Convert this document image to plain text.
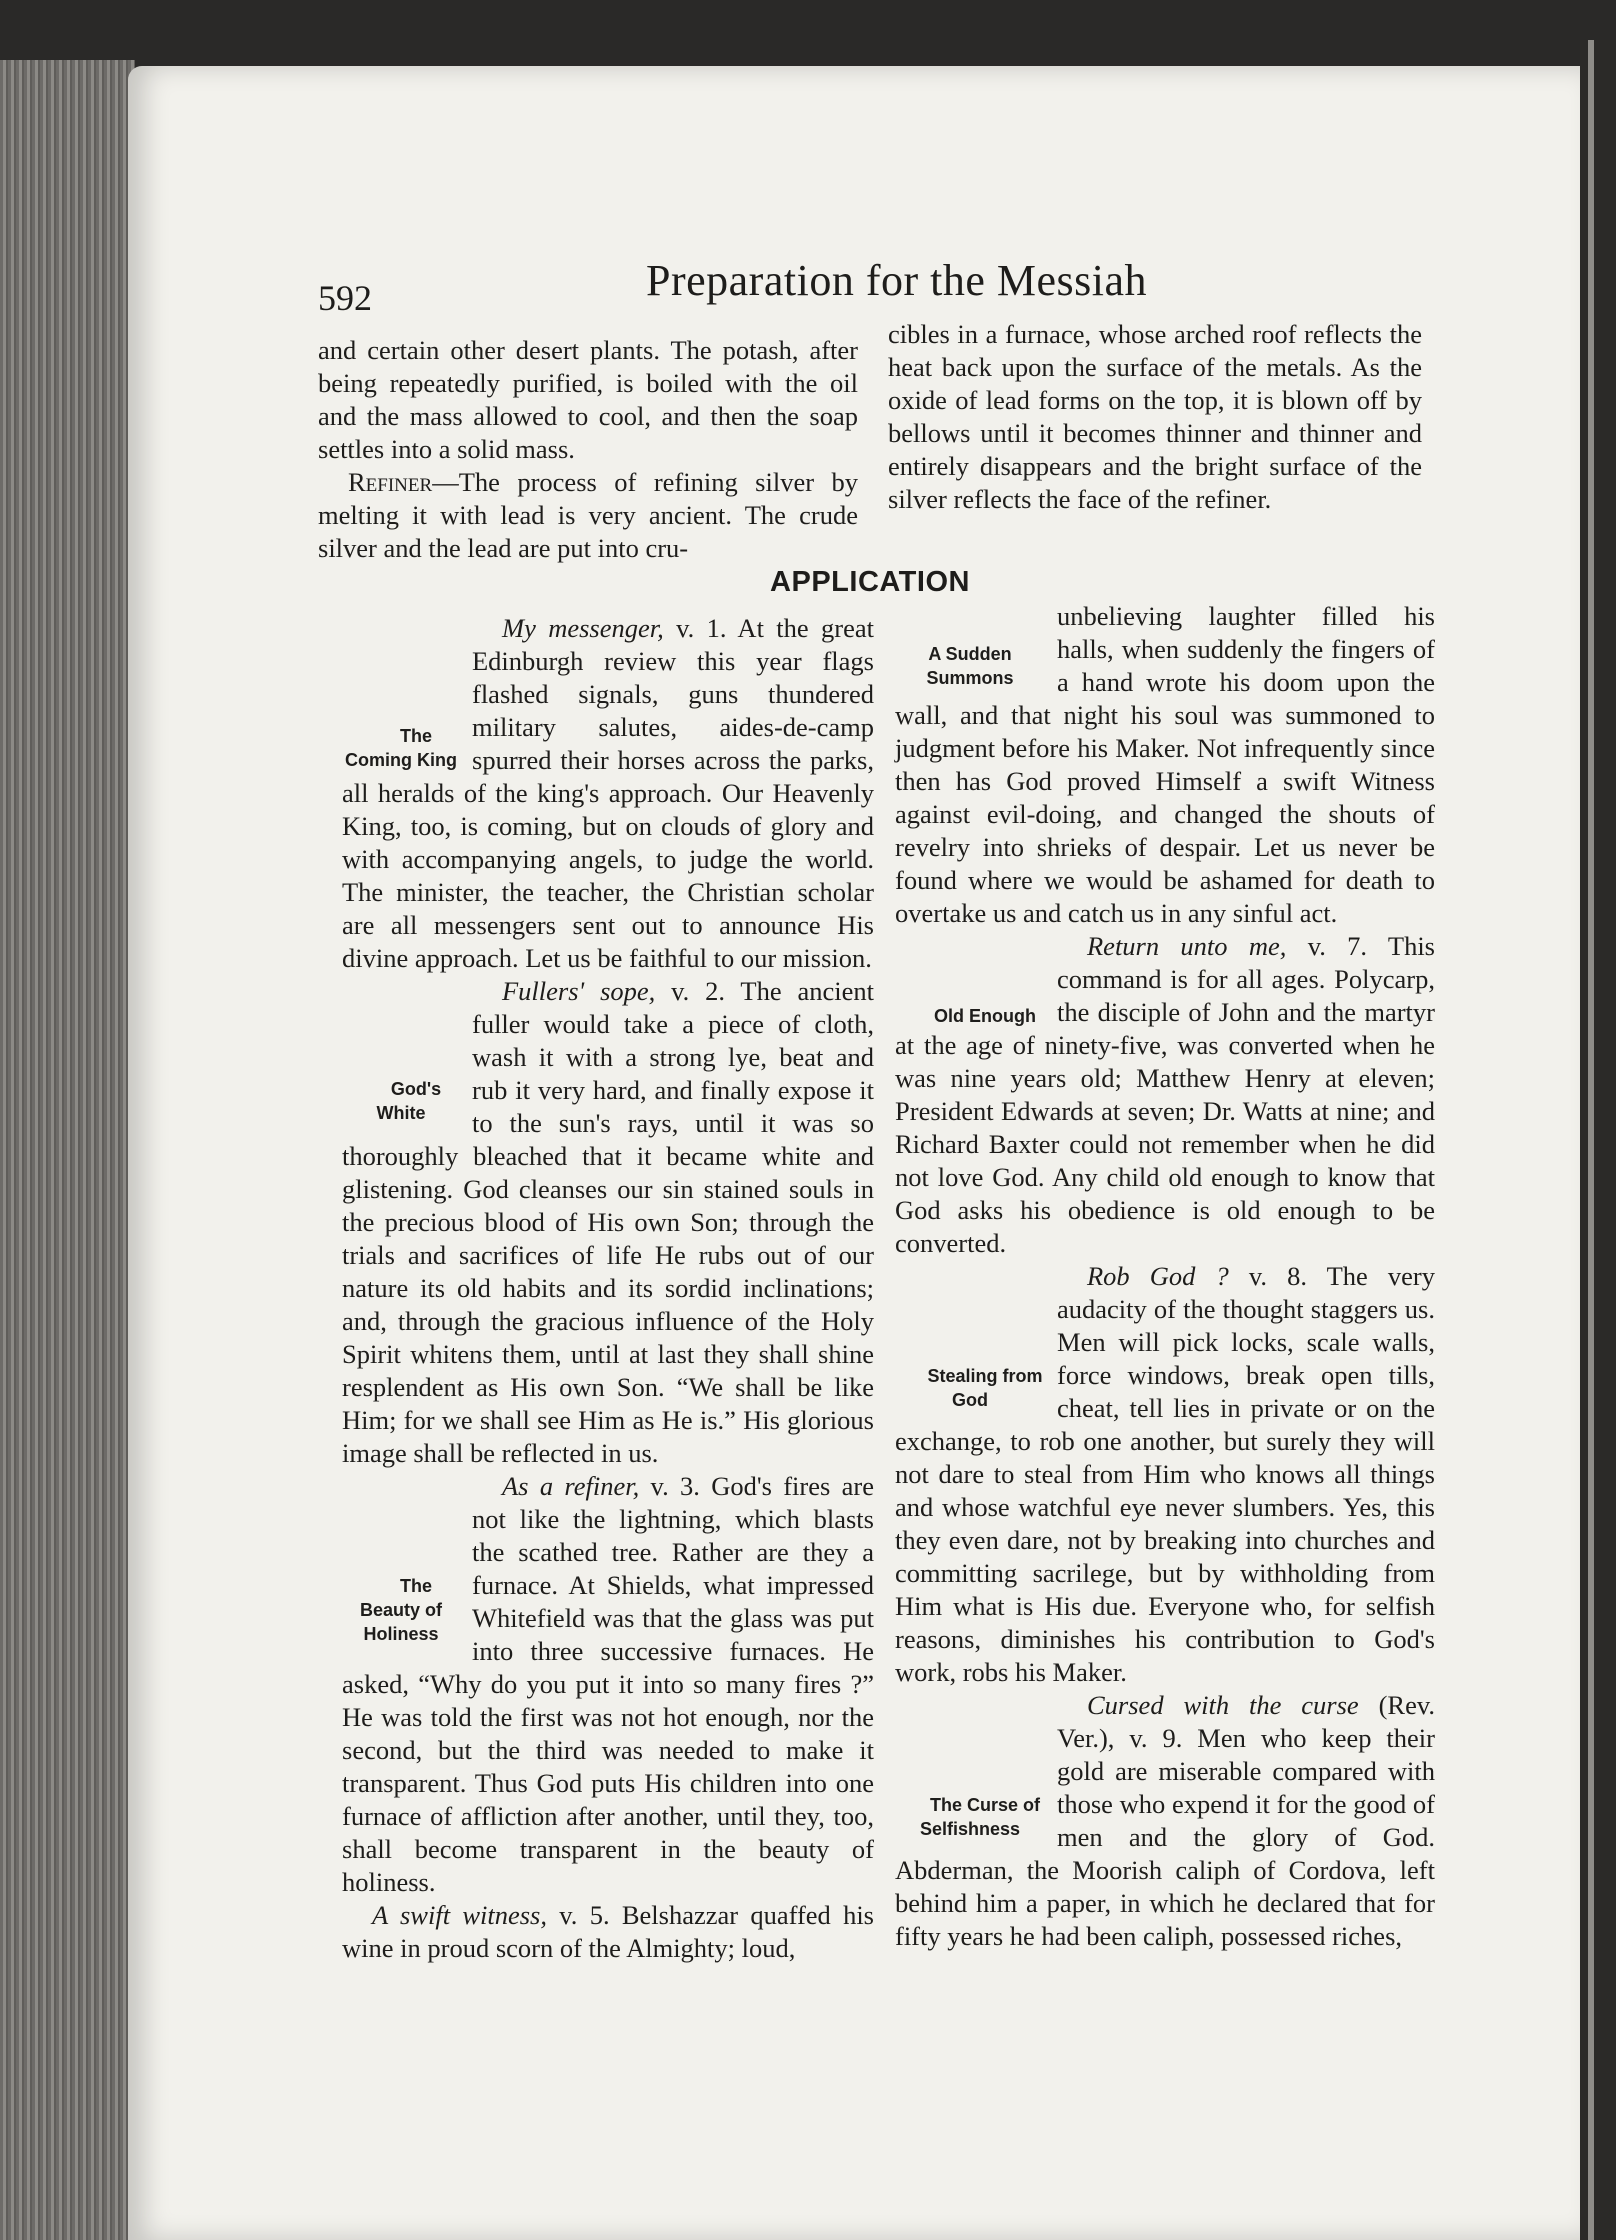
592	Preparation for the Messiah

and certain other desert plants. The potash, after being repeatedly purified, is boiled with the oil and the mass allowed to cool, and then the soap settles into a solid mass.

Refiner—The process of refining silver by melting it with lead is very ancient. The crude silver and the lead are put into cru-

cibles in a furnace, whose arched roof reflects the heat back upon the surface of the metals. As the oxide of lead forms on the top, it is blown off by bellows until it becomes thinner and thinner and entirely disappears and the bright surface of the silver reflects the face of the refiner.

APPLICATION

The Coming King
My messenger, v. 1. At the great Edinburgh review this year flags flashed signals, guns thundered military salutes, aides-de-camp spurred their horses across the parks, all heralds of the king's approach. Our Heavenly King, too, is coming, but on clouds of glory and with accompanying angels, to judge the world. The minister, the teacher, the Christian scholar are all messengers sent out to announce His divine approach. Let us be faithful to our mission.

God's White
Fullers' sope, v. 2. The ancient fuller would take a piece of cloth, wash it with a strong lye, beat and rub it very hard, and finally expose it to the sun's rays, until it was so thoroughly bleached that it became white and glistening. God cleanses our sin stained souls in the precious blood of His own Son; through the trials and sacrifices of life He rubs out of our nature its old habits and its sordid inclinations; and, through the gracious influence of the Holy Spirit whitens them, until at last they shall shine resplendent as His own Son. “We shall be like Him; for we shall see Him as He is.” His glorious image shall be reflected in us.

The Beauty of Holiness
As a refiner, v. 3. God's fires are not like the lightning, which blasts the scathed tree. Rather are they a furnace. At Shields, what impressed Whitefield was that the glass was put into three successive furnaces. He asked, “Why do you put it into so many fires ?” He was told the first was not hot enough, nor the second, but the third was needed to make it transparent. Thus God puts His children into one furnace of affliction after another, until they, too, shall become transparent in the beauty of holiness.

A swift witness, v. 5. Belshazzar quaffed his wine in proud scorn of the Almighty; loud,

A Sudden Summons
unbelieving laughter filled his halls, when suddenly the fingers of a hand wrote his doom upon the wall, and that night his soul was summoned to judgment before his Maker. Not infrequently since then has God proved Himself a swift Witness against evil-doing, and changed the shouts of revelry into shrieks of despair. Let us never be found where we would be ashamed for death to overtake us and catch us in any sinful act.

Old Enough
Return unto me, v. 7. This command is for all ages. Polycarp, the disciple of John and the martyr at the age of ninety-five, was converted when he was nine years old; Matthew Henry at eleven; President Edwards at seven; Dr. Watts at nine; and Richard Baxter could not remember when he did not love God. Any child old enough to know that God asks his obedience is old enough to be converted.

Stealing from God
Rob God ? v. 8. The very audacity of the thought staggers us. Men will pick locks, scale walls, force windows, break open tills, cheat, tell lies in private or on the exchange, to rob one another, but surely they will not dare to steal from Him who knows all things and whose watchful eye never slumbers. Yes, this they even dare, not by breaking into churches and committing sacrilege, but by withholding from Him what is His due. Everyone who, for selfish reasons, diminishes his contribution to God's work, robs his Maker.

The Curse of Selfishness
Cursed with the curse (Rev. Ver.), v. 9. Men who keep their gold are miserable compared with those who expend it for the good of men and the glory of God. Abderman, the Moorish caliph of Cordova, left behind him a paper, in which he declared that for fifty years he had been caliph, possessed riches,
